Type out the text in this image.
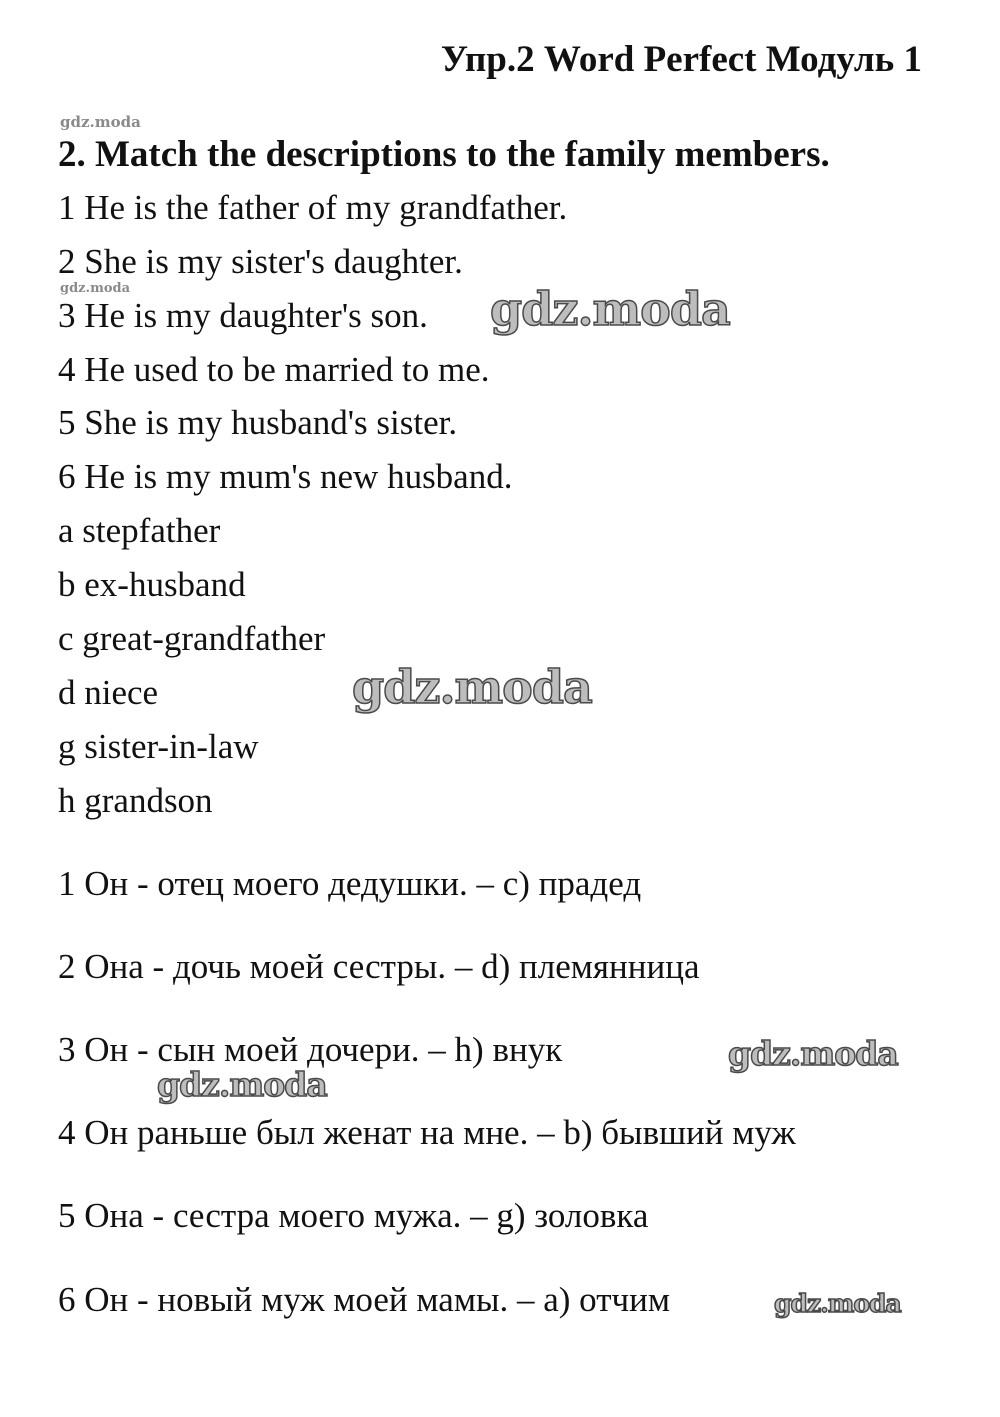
Упр.2 Word Perfect Модуль 1
gdz.moda
2. Match the descriptions to the family members.
1 He is the father of my grandfather.
2 She is my sister's daughter.
gdz.moda
3 He is my daughter's son. gdz.moda
4 He used to be married to me.
5 She is my husband's sister.
6 He is my mum's new husband.
a stepfather
b ex-husband
c great-grandfather
d niece	gdz.moda
g sister-in-law
h grandson
1 Он - отец моего дедушки. – c) прадед
2 Она - дочь моей сестры. – d) племянница
3 Он - сын моей дочери. – h) внук	gdz.moda
gdz.moda
4 Он раньше был женат на мне. – b) бывший муж
5 Она - сестра моего мужа. – g) золовка
6 Он - новый муж моей мамы. – a) отчим	gdz.moda
